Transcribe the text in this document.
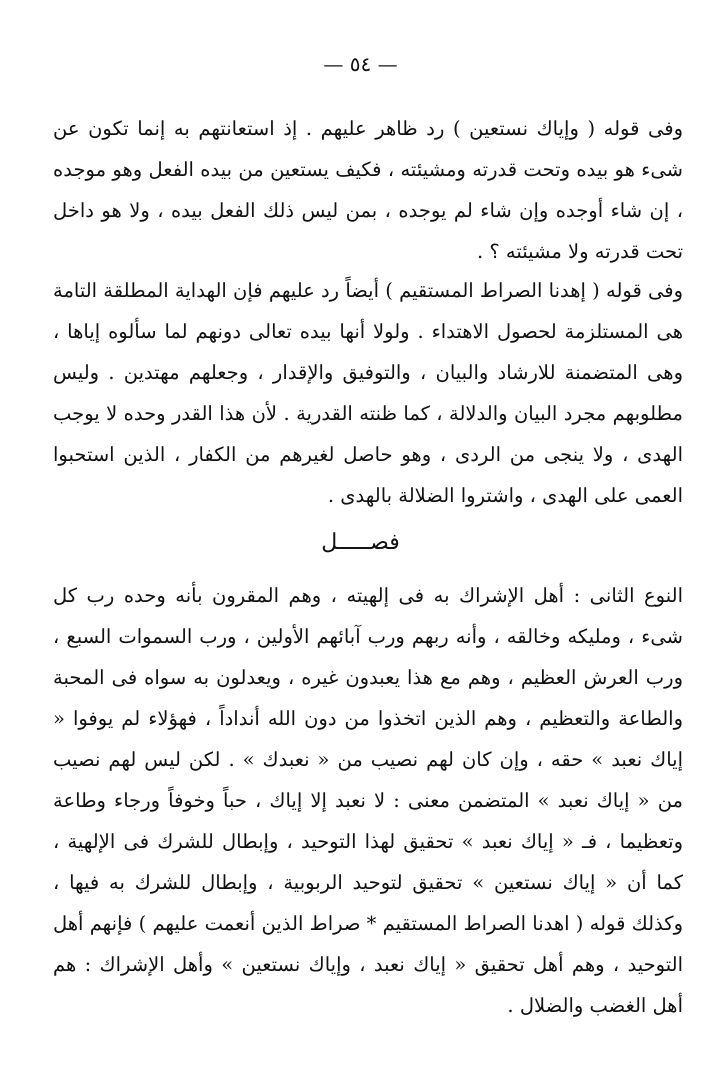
— ٥٤ —

وفى قوله ( وإياك نستعين ) رد ظاهر عليهم . إذ استعانتهم به إنما تكون عن شىء هو بيده وتحت قدرته ومشيئته ، فكيف يستعين من بيده الفعل وهو موجده ، إن شاء أوجده وإن شاء لم يوجده ، بمن ليس ذلك الفعل بيده ، ولا هو داخل تحت قدرته ولا مشيئته ؟ .

وفى قوله ( إهدنا الصراط المستقيم ) أيضاً رد عليهم فإن الهداية المطلقة التامة هى المستلزمة لحصول الاهتداء . ولولا أنها بيده تعالى دونهم لما سألوه إياها ، وهى المتضمنة للارشاد والبيان ، والتوفيق والإقدار ، وجعلهم مهتدين . وليس مطلوبهم مجرد البيان والدلالة ، كما ظنته القدرية . لأن هذا القدر وحده لا يوجب الهدى ، ولا ينجى من الردى ، وهو حاصل لغيرهم من الكفار ، الذين استحبوا العمى على الهدى ، واشتروا الضلالة بالهدى .

فصـــــل

النوع الثانى : أهل الإشراك به فى إلهيته ، وهم المقرون بأنه وحده رب كل شىء ، ومليكه وخالقه ، وأنه ربهم ورب آبائهم الأولين ، ورب السموات السبع ، ورب العرش العظيم ، وهم مع هذا يعبدون غيره ، ويعدلون به سواه فى المحبة والطاعة والتعظيم ، وهم الذين اتخذوا من دون الله أنداداً ، فهؤلاء لم يوفوا « إياك نعبد » حقه ، وإن كان لهم نصيب من « نعبدك » . لكن ليس لهم نصيب من « إياك نعبد » المتضمن معنى : لا نعبد إلا إياك ، حباً وخوفاً ورجاء وطاعة وتعظيما ، فـ « إياك نعبد » تحقيق لهذا التوحيد ، وإبطال للشرك فى الإلهية ، كما أن « إياك نستعين » تحقيق لتوحيد الربوبية ، وإبطال للشرك به فيها ، وكذلك قوله ( اهدنا الصراط المستقيم * صراط الذين أنعمت عليهم ) فإنهم أهل التوحيد ، وهم أهل تحقيق « إياك نعبد ، وإياك نستعين » وأهل الإشراك : هم أهل الغضب والضلال .
